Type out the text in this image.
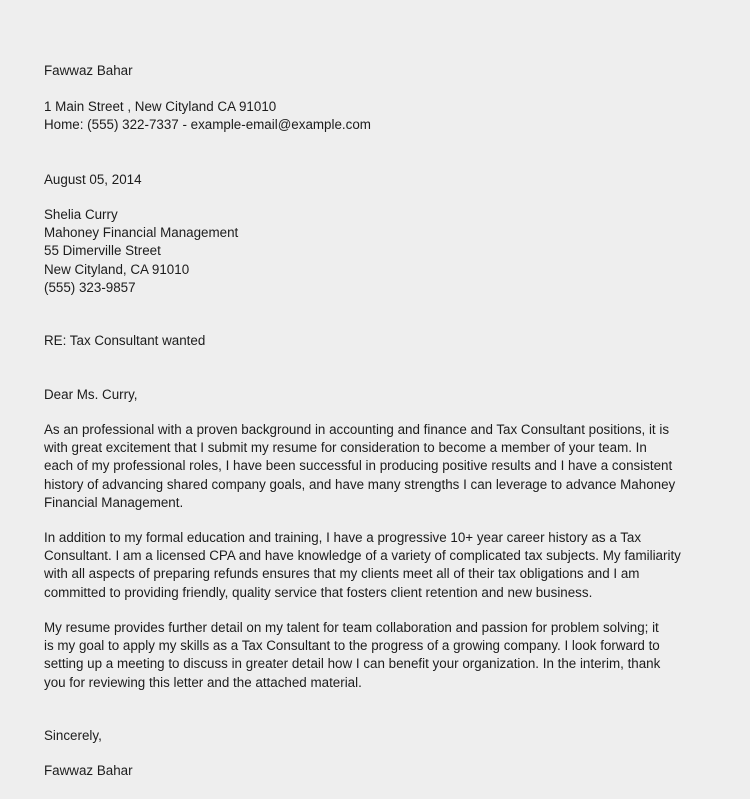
Fawwaz Bahar
1 Main Street , New Cityland CA 91010
Home: (555) 322-7337 - example-email@example.com
August 05, 2014
Shelia Curry
Mahoney Financial Management
55 Dimerville Street
New Cityland, CA 91010
(555) 323-9857
RE: Tax Consultant wanted
Dear Ms. Curry,
As an professional with a proven background in accounting and finance and Tax Consultant positions, it is
with great excitement that I submit my resume for consideration to become a member of your team. In
each of my professional roles, I have been successful in producing positive results and I have a consistent
history of advancing shared company goals, and have many strengths I can leverage to advance Mahoney
Financial Management.
In addition to my formal education and training, I have a progressive 10+ year career history as a Tax
Consultant. I am a licensed CPA and have knowledge of a variety of complicated tax subjects. My familiarity
with all aspects of preparing refunds ensures that my clients meet all of their tax obligations and I am
committed to providing friendly, quality service that fosters client retention and new business.
My resume provides further detail on my talent for team collaboration and passion for problem solving; it
is my goal to apply my skills as a Tax Consultant to the progress of a growing company. I look forward to
setting up a meeting to discuss in greater detail how I can benefit your organization. In the interim, thank
you for reviewing this letter and the attached material.
Sincerely,
Fawwaz Bahar
